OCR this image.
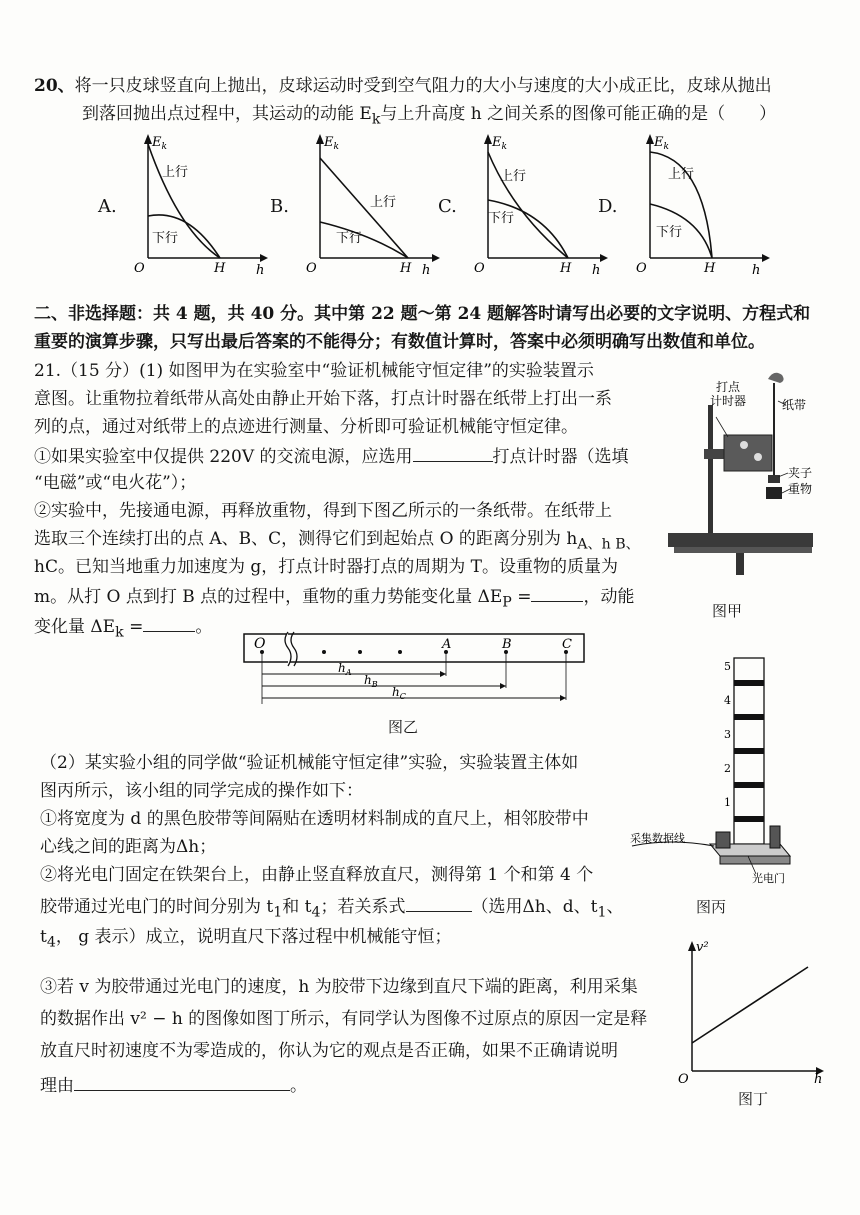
20、将一只皮球竖直向上抛出，皮球运动时受到空气阻力的大小与速度的大小成正比，皮球从抛出
到落回抛出点过程中，其运动的动能 $E_k$与上升高度 h 之间关系的图像可能正确的是（　　）
A.	B.	C.	D.
$E_k$
上行
下行
O	H h
$E_k$
上行
下行
O	H h
$E_k$
上行
下行
O	H h
$E_k$
上行
下行
O	H	h
二、非选择题：共 4 题，共 40 分。其中第 22 题～第 24 题解答时请写出必要的文字说明、方程式和
重要的演算步骤，只写出最后答案的不能得分；有数值计算时，答案中必须明确写出数值和单位。
21.（15 分）(1) 如图甲为在实验室中“验证机械能守恒定律”的实验装置示
意图。让重物拉着纸带从高处由静止开始下落，打点计时器在纸带上打出一系
列的点，通过对纸带上的点迹进行测量、分析即可验证机械能守恒定律。
①如果实验室中仅提供 220V 的交流电源，应选用	打点计时器（选填
“电磁”或“电火花”）；
②实验中，先接通电源，再释放重物，得到下图乙所示的一条纸带。在纸带上
选取三个连续打出的点 A、B、C，测得它们到起始点 O 的距离分别为 $h_{A、h B、}$
hC。已知当地重力加速度为 g，打点计时器打点的周期为 T。设重物的质量为
m。从打 O 点到打 B 点的过程中，重物的重力势能变化量 $\Delta E_P$ =	，动能
变化量 $\Delta E_k$ =	。
打点
计时器	纸带
夹子
重物
图甲
O	A	B	C
$h_A$
$h_B$
$h_C$
图乙
（2）某实验小组的同学做“验证机械能守恒定律”实验，实验装置主体如
图丙所示，该小组的同学完成的操作如下：
①将宽度为 d 的黑色胶带等间隔贴在透明材料制成的直尺上，相邻胶带中
心线之间的距离为Δh；
②将光电门固定在铁架台上，由静止竖直释放直尺，测得第 1 个和第 4 个
胶带通过光电门的时间分别为 $t_1$和 $t_4$；若关系式	（选用Δh、d、$t_1$、
$t_4$， g 表示）成立，说明直尺下落过程中机械能守恒；
③若 v 为胶带通过光电门的速度，h 为胶带下边缘到直尺下端的距离，利用采集
的数据作出 v² − h 的图像如图丁所示，有同学认为图像不过原点的原因一定是释
放直尺时初速度不为零造成的，你认为它的观点是否正确，如果不正确请说明
理由	。
5
4
3
2
1
采集数据线
光电门
图丙
v²
h
O
图丁
